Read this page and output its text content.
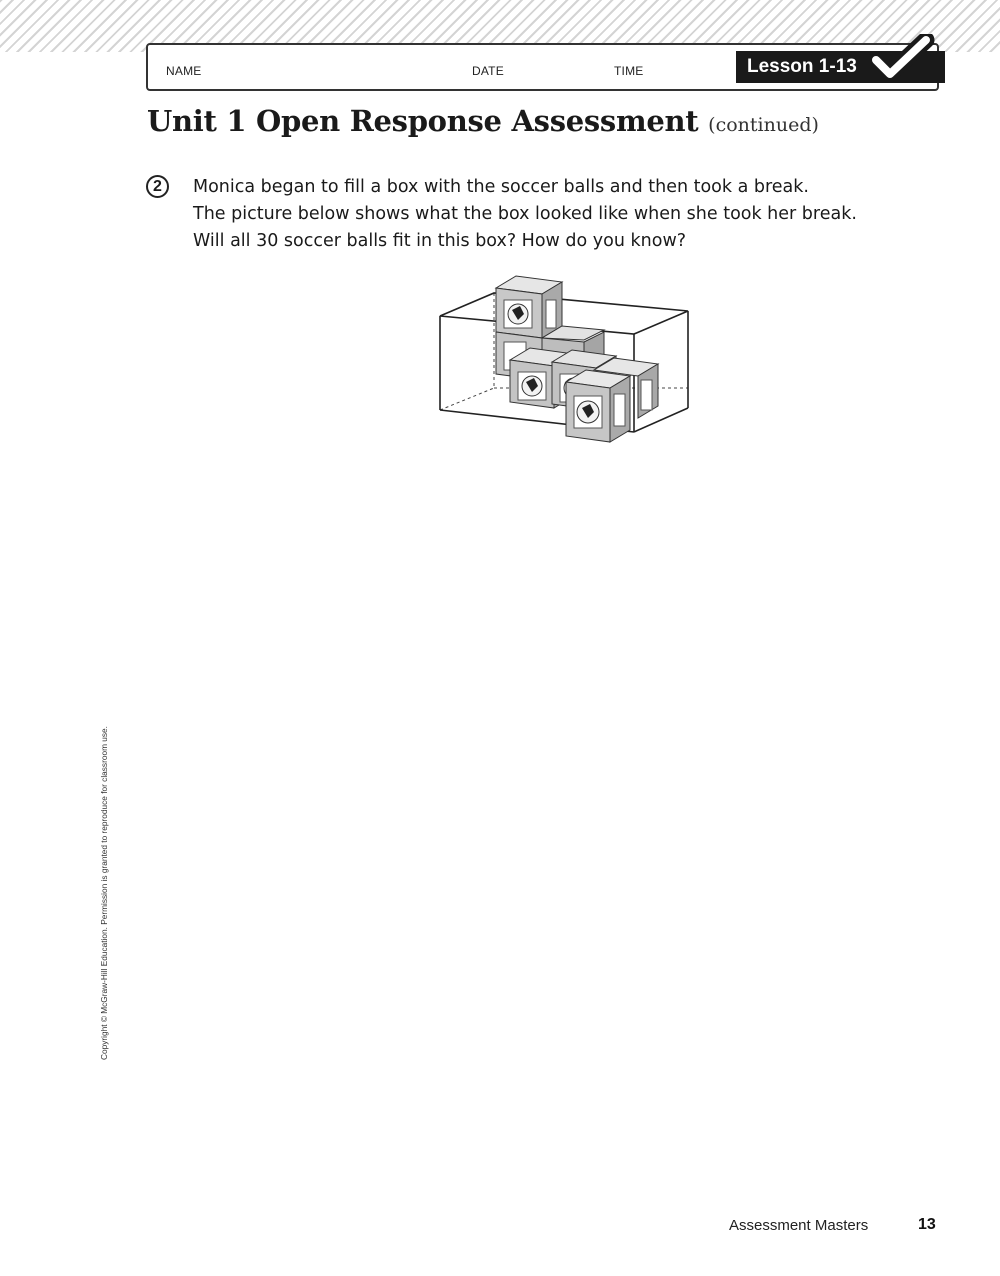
NAME	DATE	TIME	Lesson 1-13
Unit 1 Open Response Assessment (continued)
2	Monica began to fill a box with the soccer balls and then took a break.
The picture below shows what the box looked like when she took her break.
Will all 30 soccer balls fit in this box? How do you know?
Copyright © McGraw-Hill Education. Permission is granted to reproduce for classroom use.
Assessment Masters	13
